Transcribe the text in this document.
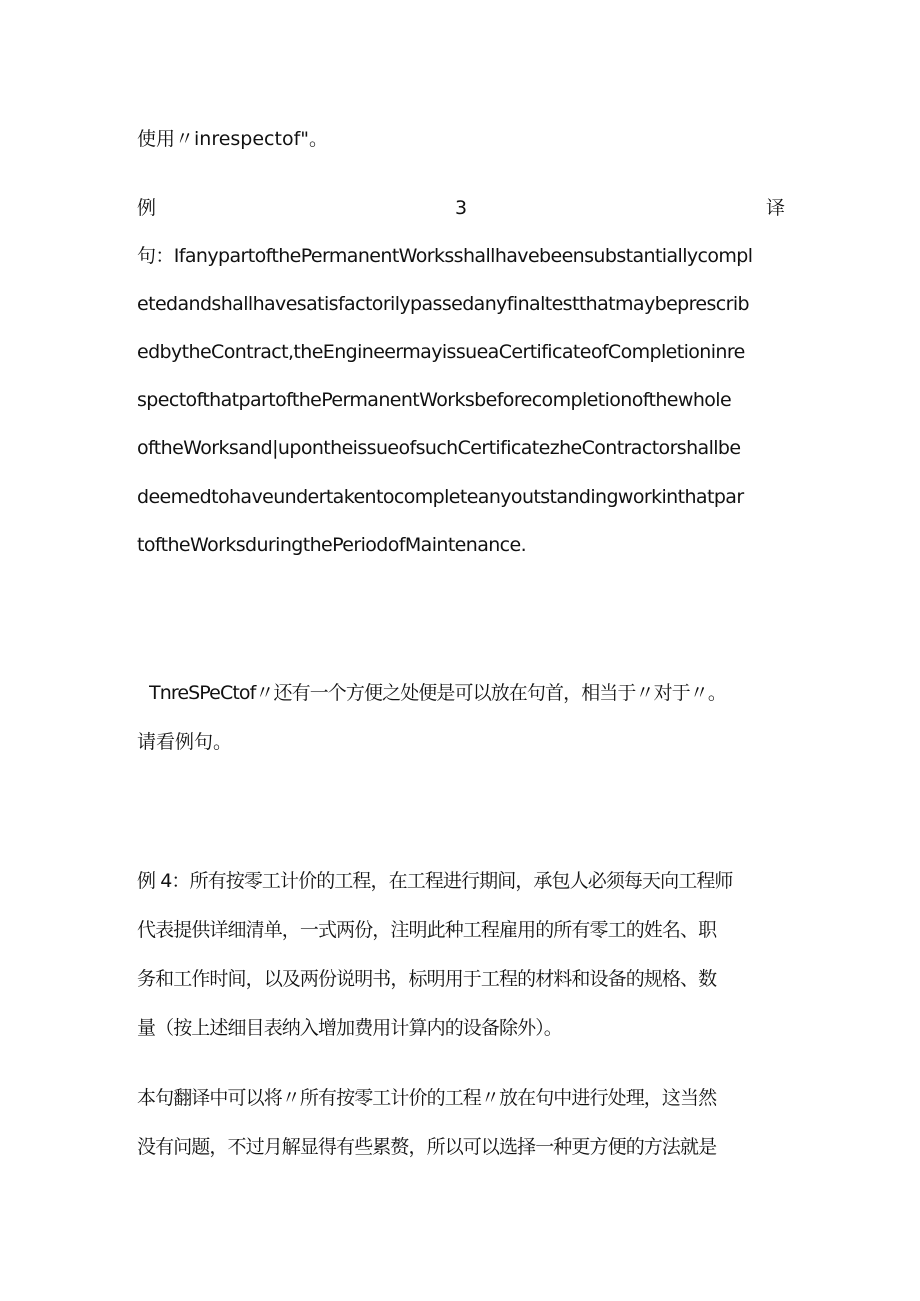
使用〃inrespectof"。
例	3	译
句：IfanypartofthePermanentWorksshallhavebeensubstantiallycompl
etedandshallhavesatisfactorilypassedanyfinaltestthatmaybeprescrib
edbytheContract,theEngineermayissueaCertificateofCompletioninre
spectofthatpartofthePermanentWorksbeforecompletionofthewhole
oftheWorksand|upontheissueofsuchCertificatezheContractorshallbe
deemedtohaveundertakentocompleteanyoutstandingworkinthatpar
toftheWorksduringthePeriodofMaintenance.
TnreSPeCtof〃还有一个方便之处便是可以放在句首，相当于〃对于〃。
请看例句。
例 4：所有按零工计价的工程，在工程进行期间，承包人必须每天向工程师
代表提供详细清单，一式两份，注明此种工程雇用的所有零工的姓名、职
务和工作时间，以及两份说明书，标明用于工程的材料和设备的规格、数
量（按上述细目表纳入增加费用计算内的设备除外）。
本句翻译中可以将〃所有按零工计价的工程〃放在句中进行处理，这当然
没有问题，不过月解显得有些累赘，所以可以选择一种更方便的方法就是
